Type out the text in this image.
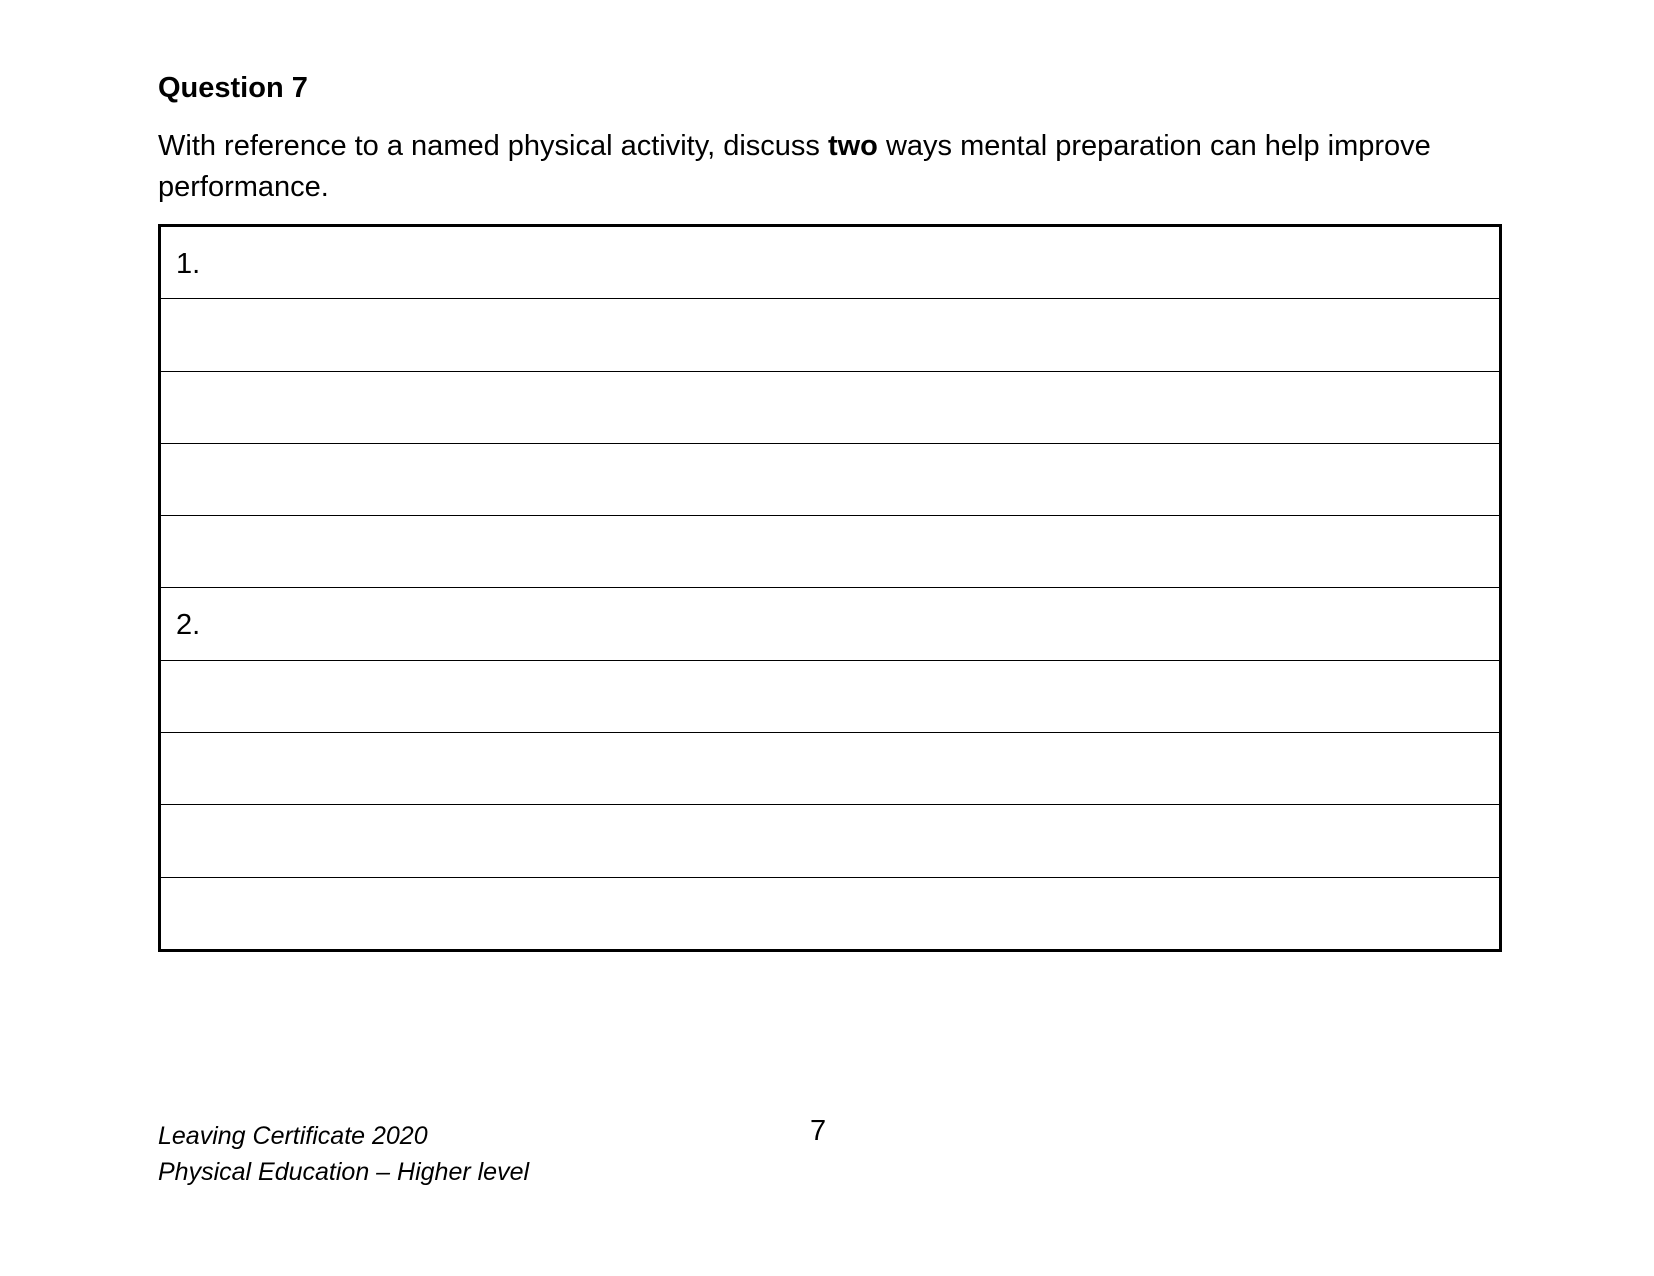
Question 7
With reference to a named physical activity, discuss two ways mental preparation can help improve performance.
1.
2.
Leaving Certificate 2020
Physical Education – Higher level
7
